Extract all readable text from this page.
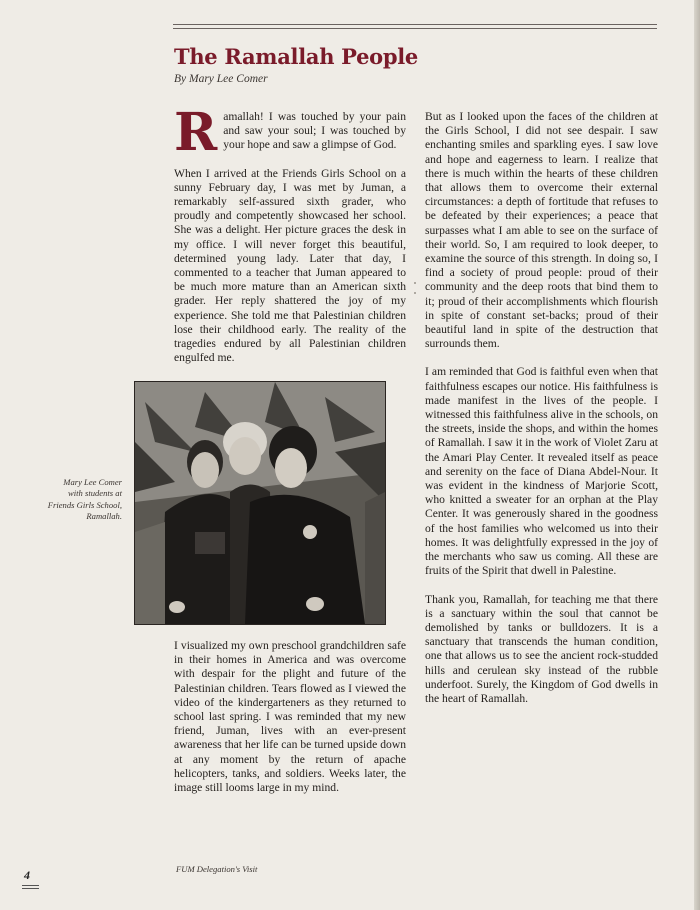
The Ramallah People
By Mary Lee Comer

Ramallah! I was touched by your pain and saw your soul; I was touched by your hope and saw a glimpse of God.

When I arrived at the Friends Girls School on a sunny February day, I was met by Juman, a remarkably self-assured sixth grader, who proudly and competently showcased her school. She was a delight. Her picture graces the desk in my office. I will never forget this beautiful, determined young lady. Later that day, I commented to a teacher that Juman appeared to be much more mature than an American sixth grader. Her reply shattered the joy of my experience. She told me that Palestinian children lose their childhood early. The reality of the tragedies endured by all Palestinian children engulfed me.

Mary Lee Comer
with students at
Friends Girls School,
Ramallah.

I visualized my own preschool grandchildren safe in their homes in America and was overcome with despair for the plight and future of the Palestinian children. Tears flowed as I viewed the video of the kindergarteners as they returned to school last spring. I was reminded that my new friend, Juman, lives with an ever-present awareness that her life can be turned upside down at any moment by the return of apache helicopters, tanks, and soldiers. Weeks later, the image still looms large in my mind.

But as I looked upon the faces of the children at the Girls School, I did not see despair. I saw enchanting smiles and sparkling eyes. I saw love and hope and eagerness to learn. I realize that there is much within the hearts of these children that allows them to overcome their external circumstances: a depth of fortitude that refuses to be defeated by their experiences; a peace that surpasses what I am able to see on the surface of their world. So, I am required to look deeper, to examine the source of this strength. In doing so, I find a society of proud people: proud of their community and the deep roots that bind them to it; proud of their accomplishments which flourish in spite of constant set-backs; proud of their beautiful land in spite of the destruction that surrounds them.

I am reminded that God is faithful even when that faithfulness escapes our notice. His faithfulness is made manifest in the lives of the people. I witnessed this faithfulness alive in the schools, on the streets, inside the shops, and within the homes of Ramallah. I saw it in the work of Violet Zaru at the Amari Play Center. It revealed itself as peace and serenity on the face of Diana Abdel-Nour. It was evident in the kindness of Marjorie Scott, who knitted a sweater for an orphan at the Play Center. It was generously shared in the goodness of the host families who welcomed us into their homes. It was delightfully expressed in the joy of the merchants who saw us coming. All these are fruits of the Spirit that dwell in Palestine.

Thank you, Ramallah, for teaching me that there is a sanctuary within the soul that cannot be demolished by tanks or bulldozers. It is a sanctuary that transcends the human condition, one that allows us to see the ancient rock-studded hills and cerulean sky instead of the rubble underfoot. Surely, the Kingdom of God dwells in the heart of Ramallah.

4	FUM Delegation's Visit
